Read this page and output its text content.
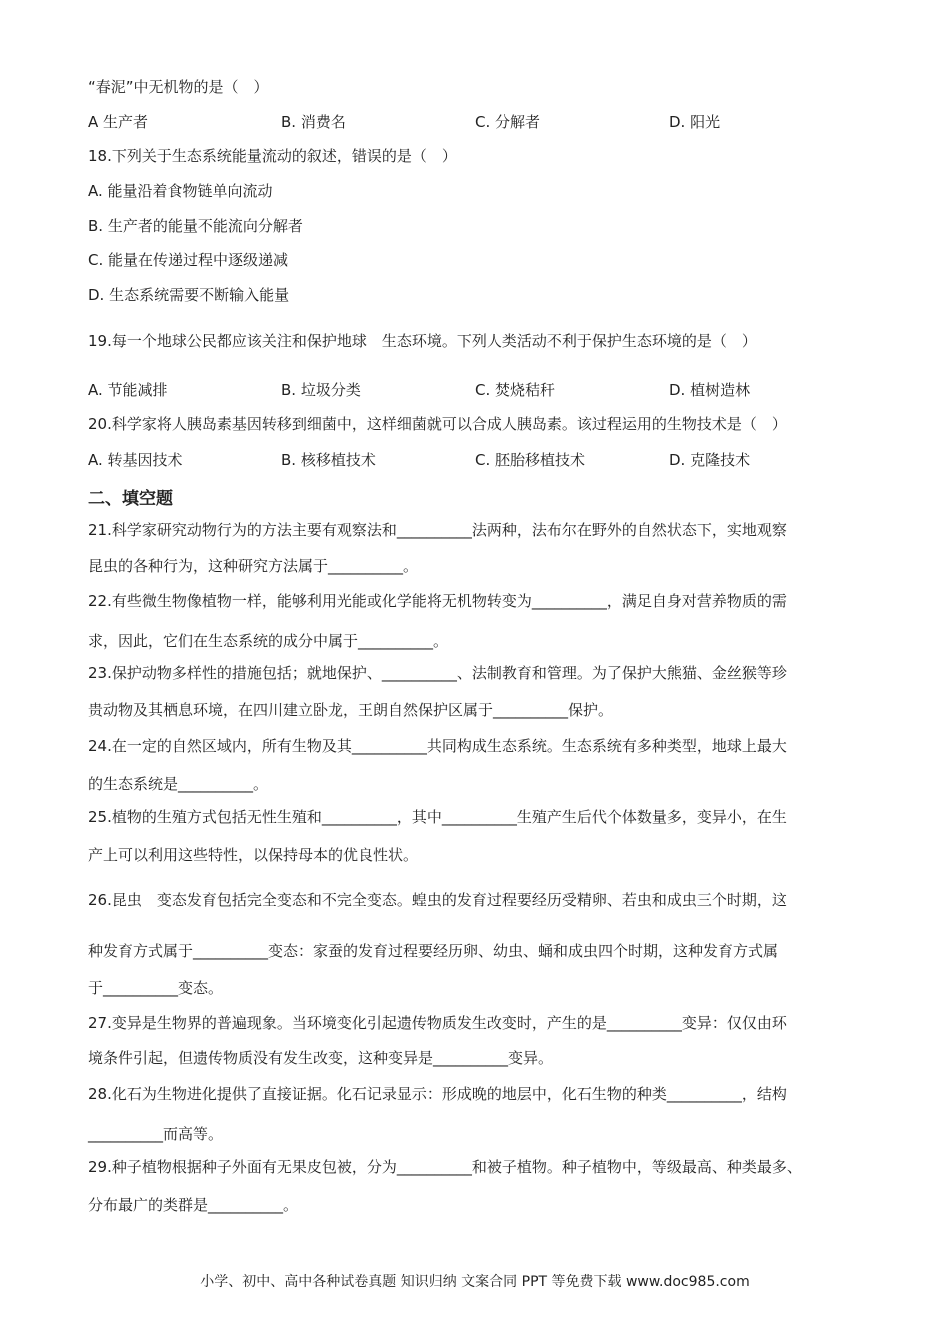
“春泥”中无机物的是（　）
A 生产者	B. 消费名	C. 分解者	D. 阳光
18.下列关于生态系统能量流动的叙述，错误的是（　）
A. 能量沿着食物链单向流动
B. 生产者的能量不能流向分解者
C. 能量在传递过程中逐级递减
D. 生态系统需要不断输入能量
19.每一个地球公民都应该关注和保护地球　生态环境。下列人类活动不利于保护生态环境的是（　）
A. 节能减排	B. 垃圾分类	C. 焚烧秸秆	D. 植树造林
20.科学家将人胰岛素基因转移到细菌中，这样细菌就可以合成人胰岛素。该过程运用的生物技术是（　）
A. 转基因技术	B. 核移植技术	C. 胚胎移植技术	D. 克隆技术
二、填空题
21.科学家研究动物行为的方法主要有观察法和__________法两种，法布尔在野外的自然状态下，实地观察
昆虫的各种行为，这种研究方法属于__________。
22.有些微生物像植物一样，能够利用光能或化学能将无机物转变为__________，满足自身对营养物质的需
求，因此，它们在生态系统的成分中属于__________。
23.保护动物多样性的措施包括；就地保护、__________、法制教育和管理。为了保护大熊猫、金丝猴等珍
贵动物及其栖息环境，在四川建立卧龙，王朗自然保护区属于__________保护。
24.在一定的自然区域内，所有生物及其__________共同构成生态系统。生态系统有多种类型，地球上最大
的生态系统是__________。
25.植物的生殖方式包括无性生殖和__________，其中__________生殖产生后代个体数量多，变异小，在生
产上可以利用这些特性，以保持母本的优良性状。
26.昆虫　变态发育包括完全变态和不完全变态。蝗虫的发育过程要经历受精卵、若虫和成虫三个时期，这
种发育方式属于__________变态：家蚕的发育过程要经历卵、幼虫、蛹和成虫四个时期，这种发育方式属
于__________变态。
27.变异是生物界的普遍现象。当环境变化引起遗传物质发生改变时，产生的是__________变异：仅仅由环
境条件引起，但遗传物质没有发生改变，这种变异是__________变异。
28.化石为生物进化提供了直接证据。化石记录显示：形成晚的地层中，化石生物的种类__________，结构
__________而高等。
29.种子植物根据种子外面有无果皮包被，分为__________和被子植物。种子植物中，等级最高、种类最多、
分布最广的类群是__________。
小学、初中、高中各种试卷真题 知识归纳 文案合同 PPT 等免费下载 www.doc985.com
